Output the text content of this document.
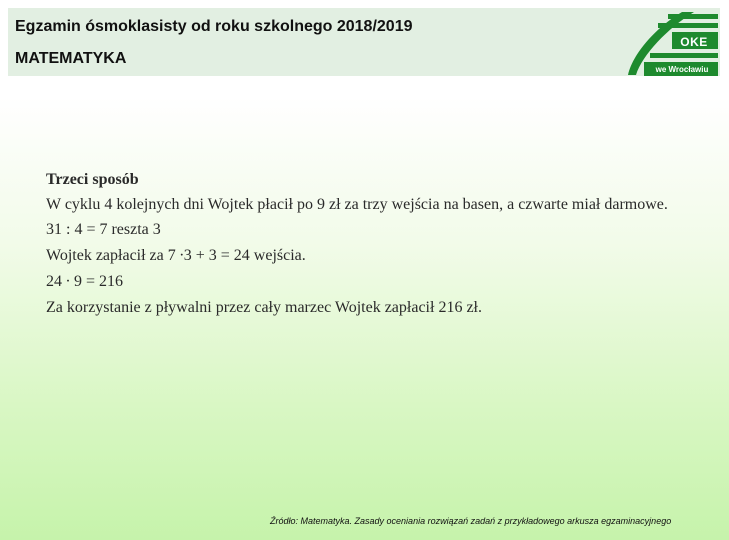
Egzamin ósmoklasisty od roku szkolnego 2018/2019
MATEMATYKA
OKE
we Wrocławiu
Trzeci sposób
W cyklu 4 kolejnych dni Wojtek płacił po 9 zł za trzy wejścia na basen, a czwarte miał darmowe.
31 : 4 = 7 reszta 3
Wojtek zapłacił za 7 ∙3 + 3 = 24 wejścia.
24 ∙ 9 = 216
Za korzystanie z pływalni przez cały marzec Wojtek zapłacił 216 zł.
Źródło: Matematyka. Zasady oceniania rozwiązań zadań z przykładowego arkusza egzaminacyjnego
